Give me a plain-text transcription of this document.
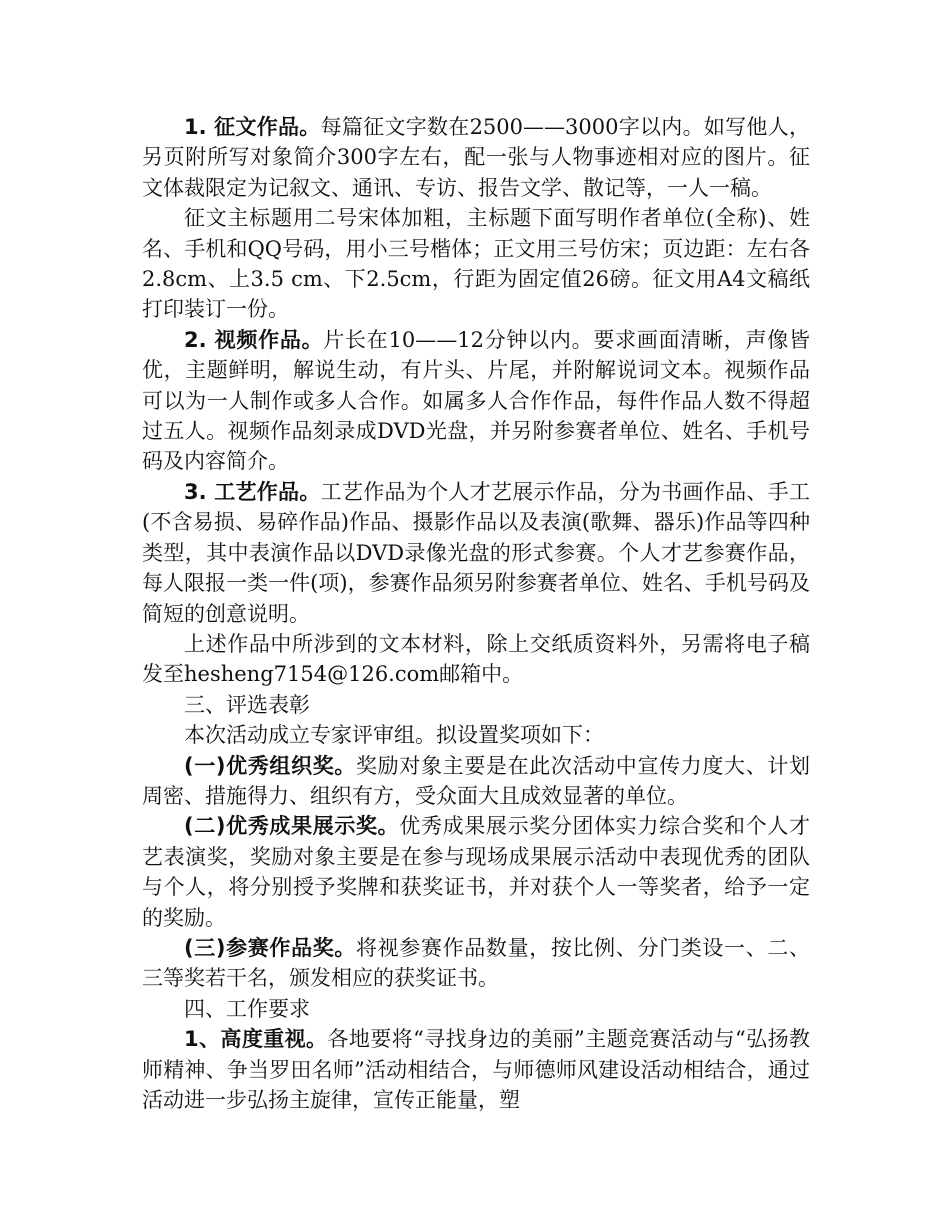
1. 征文作品。每篇征文字数在2500——3000字以内。如写他人，另页附所写对象简介300字左右，配一张与人物事迹相对应的图片。征文体裁限定为记叙文、通讯、专访、报告文学、散记等，一人一稿。

征文主标题用二号宋体加粗，主标题下面写明作者单位(全称)、姓名、手机和QQ号码，用小三号楷体；正文用三号仿宋；页边距：左右各2.8cm、上3.5 cm、下2.5cm，行距为固定值26磅。征文用A4文稿纸打印装订一份。

2. 视频作品。片长在10——12分钟以内。要求画面清晰，声像皆优，主题鲜明，解说生动，有片头、片尾，并附解说词文本。视频作品可以为一人制作或多人合作。如属多人合作作品，每件作品人数不得超过五人。视频作品刻录成DVD光盘，并另附参赛者单位、姓名、手机号码及内容简介。

3. 工艺作品。工艺作品为个人才艺展示作品，分为书画作品、手工(不含易损、易碎作品)作品、摄影作品以及表演(歌舞、器乐)作品等四种类型，其中表演作品以DVD录像光盘的形式参赛。个人才艺参赛作品，每人限报一类一件(项)，参赛作品须另附参赛者单位、姓名、手机号码及简短的创意说明。

上述作品中所涉到的文本材料，除上交纸质资料外，另需将电子稿发至hesheng7154@126.com邮箱中。

三、评选表彰

本次活动成立专家评审组。拟设置奖项如下：

(一)优秀组织奖。奖励对象主要是在此次活动中宣传力度大、计划周密、措施得力、组织有方，受众面大且成效显著的单位。

(二)优秀成果展示奖。优秀成果展示奖分团体实力综合奖和个人才艺表演奖，奖励对象主要是在参与现场成果展示活动中表现优秀的团队与个人，将分别授予奖牌和获奖证书，并对获个人一等奖者，给予一定的奖励。

(三)参赛作品奖。将视参赛作品数量，按比例、分门类设一、二、三等奖若干名，颁发相应的获奖证书。

四、工作要求

1、高度重视。各地要将“寻找身边的美丽”主题竞赛活动与“弘扬教师精神、争当罗田名师”活动相结合，与师德师风建设活动相结合，通过活动进一步弘扬主旋律，宣传正能量，塑
